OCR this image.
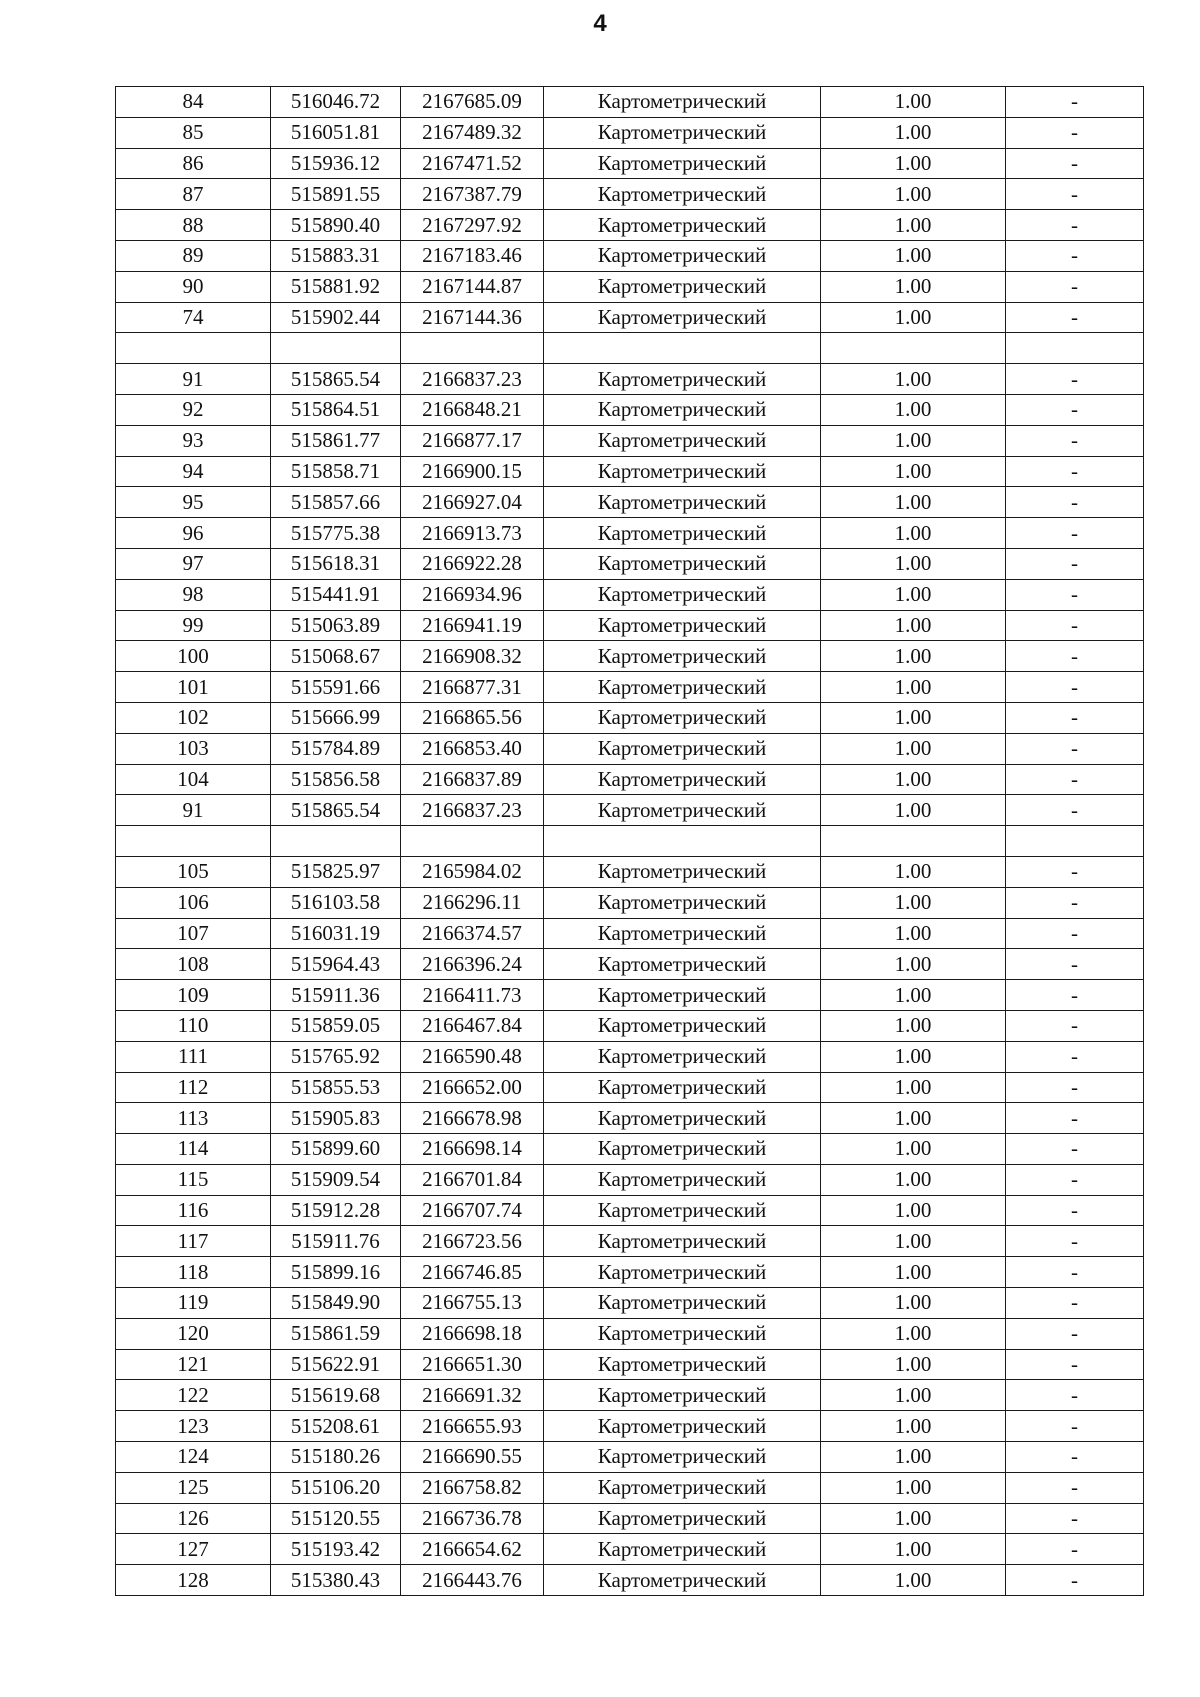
4
84	516046.72	2167685.09	Картометрический	1.00	-
85	516051.81	2167489.32	Картометрический	1.00	-
86	515936.12	2167471.52	Картометрический	1.00	-
87	515891.55	2167387.79	Картометрический	1.00	-
88	515890.40	2167297.92	Картометрический	1.00	-
89	515883.31	2167183.46	Картометрический	1.00	-
90	515881.92	2167144.87	Картометрический	1.00	-
74	515902.44	2167144.36	Картометрический	1.00	-

91	515865.54	2166837.23	Картометрический	1.00	-
92	515864.51	2166848.21	Картометрический	1.00	-
93	515861.77	2166877.17	Картометрический	1.00	-
94	515858.71	2166900.15	Картометрический	1.00	-
95	515857.66	2166927.04	Картометрический	1.00	-
96	515775.38	2166913.73	Картометрический	1.00	-
97	515618.31	2166922.28	Картометрический	1.00	-
98	515441.91	2166934.96	Картометрический	1.00	-
99	515063.89	2166941.19	Картометрический	1.00	-
100	515068.67	2166908.32	Картометрический	1.00	-
101	515591.66	2166877.31	Картометрический	1.00	-
102	515666.99	2166865.56	Картометрический	1.00	-
103	515784.89	2166853.40	Картометрический	1.00	-
104	515856.58	2166837.89	Картометрический	1.00	-
91	515865.54	2166837.23	Картометрический	1.00	-

105	515825.97	2165984.02	Картометрический	1.00	-
106	516103.58	2166296.11	Картометрический	1.00	-
107	516031.19	2166374.57	Картометрический	1.00	-
108	515964.43	2166396.24	Картометрический	1.00	-
109	515911.36	2166411.73	Картометрический	1.00	-
110	515859.05	2166467.84	Картометрический	1.00	-
111	515765.92	2166590.48	Картометрический	1.00	-
112	515855.53	2166652.00	Картометрический	1.00	-
113	515905.83	2166678.98	Картометрический	1.00	-
114	515899.60	2166698.14	Картометрический	1.00	-
115	515909.54	2166701.84	Картометрический	1.00	-
116	515912.28	2166707.74	Картометрический	1.00	-
117	515911.76	2166723.56	Картометрический	1.00	-
118	515899.16	2166746.85	Картометрический	1.00	-
119	515849.90	2166755.13	Картометрический	1.00	-
120	515861.59	2166698.18	Картометрический	1.00	-
121	515622.91	2166651.30	Картометрический	1.00	-
122	515619.68	2166691.32	Картометрический	1.00	-
123	515208.61	2166655.93	Картометрический	1.00	-
124	515180.26	2166690.55	Картометрический	1.00	-
125	515106.20	2166758.82	Картометрический	1.00	-
126	515120.55	2166736.78	Картометрический	1.00	-
127	515193.42	2166654.62	Картометрический	1.00	-
128	515380.43	2166443.76	Картометрический	1.00	-
